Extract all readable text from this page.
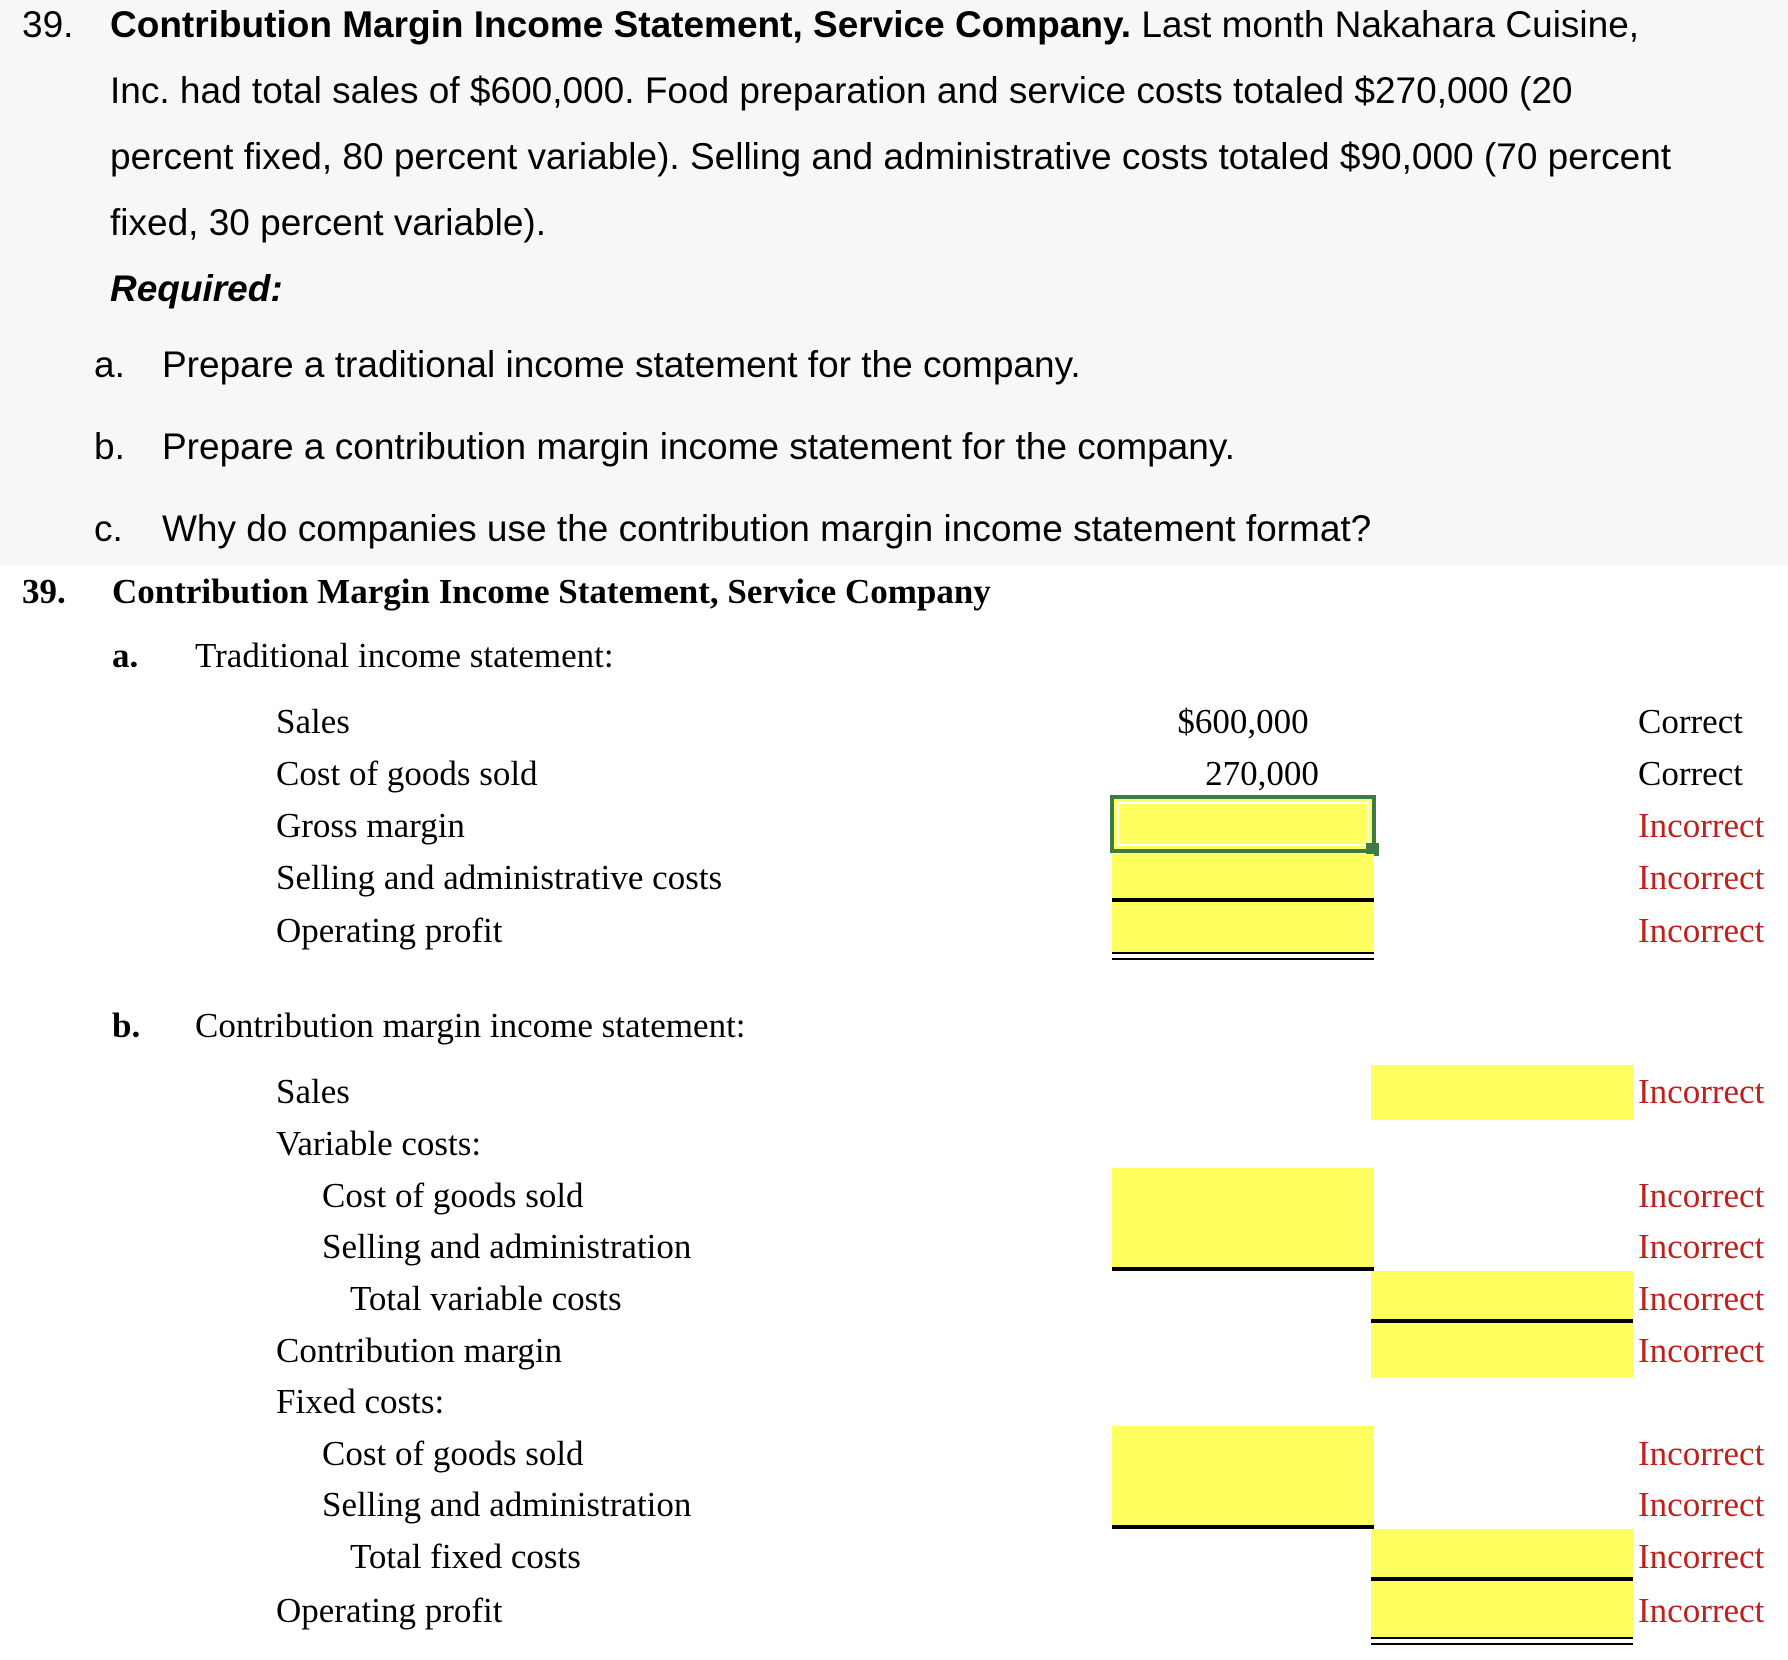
39. Contribution Margin Income Statement, Service Company. Last month Nakahara Cuisine,
Inc. had total sales of $600,000. Food preparation and service costs totaled $270,000 (20
percent fixed, 80 percent variable). Selling and administrative costs totaled $90,000 (70 percent
fixed, 30 percent variable).
Required:
a. Prepare a traditional income statement for the company.
b. Prepare a contribution margin income statement for the company.
c. Why do companies use the contribution margin income statement format?
39. Contribution Margin Income Statement, Service Company
a. Traditional income statement:
Sales
Cost of goods sold
Gross margin
Selling and administrative costs
Operating profit
$600,000
270,000
Correct
Correct
Incorrect
Incorrect
Incorrect
b. Contribution margin income statement:
Sales
Variable costs:
Cost of goods sold
Selling and administration
Total variable costs
Contribution margin
Fixed costs:
Cost of goods sold
Selling and administration
Total fixed costs
Operating profit
Incorrect
Incorrect
Incorrect
Incorrect
Incorrect
Incorrect
Incorrect
Incorrect
Incorrect
